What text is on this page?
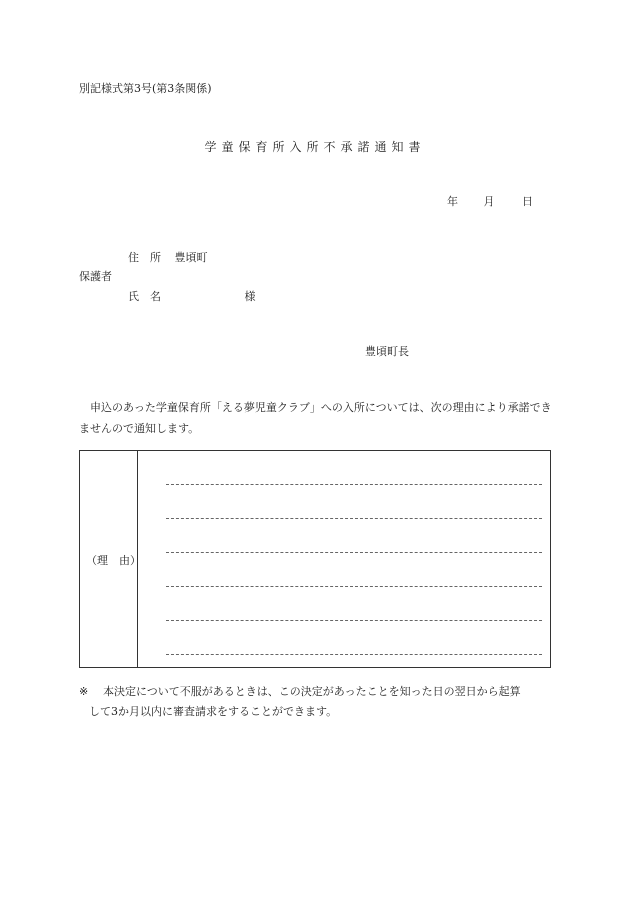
別記様式第3号(第3条関係)
学童保育所入所不承諾通知書
年 月	日
住　所 豊頃町
保護者
氏　名	様
豊頃町長
申込のあった学童保育所「える夢児童クラブ」への入所については、次の理由により承諾できませんので通知します。
（理　由）
※ 本決定について不服があるときは、この決定があったことを知った日の翌日から起算
して3か月以内に審査請求をすることができます。
